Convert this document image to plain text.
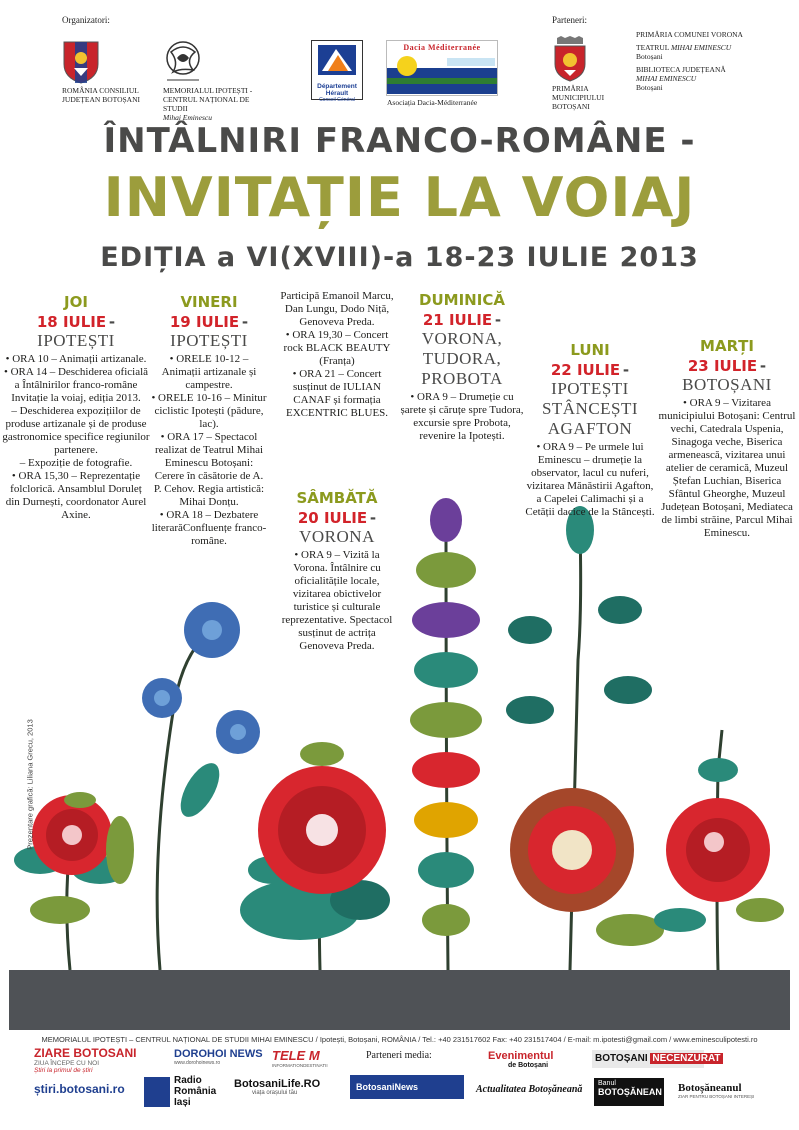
Organizatori:
ROMÂNIA CONSILIUL JUDEȚEAN BOTOȘANI
MEMORIALUL IPOTEȘTI - CENTRUL NAȚIONAL DE STUDII
Mihai Eminescu
Département Hérault
Conseil Général
Dacia Méditerranée
Asociația Dacia-Méditerranée
Parteneri:
PRIMĂRIA MUNICIPIULUI BOTOȘANI
PRIMĂRIA COMUNEI VORONA
TEATRUL MIHAI EMINESCU
Botoșani
BIBLIOTECA JUDEȚEANĂ
MIHAI EMINESCU
Botoșani
ÎNTÂLNIRI FRANCO-ROMÂNE -
INVITAȚIE LA VOIAJ
EDIȚIA a VI(XVIII)-a 18-23 IULIE 2013
JOI
18 IULIE -
IPOTEȘTI
• ORA 10 – Animații artizanale.
• ORA 14 – Deschiderea oficială a Întâlnirilor franco-române Invitație la voiaj, ediția 2013.
– Deschiderea expozițiilor de produse artizanale și de produse gastronomice specifice regiunilor partenere.
– Expoziție de fotografie.
• ORA 15,30 – Reprezentație folclorică. Ansamblul Doruleț din Durnești, coordonator Aurel Axine.
VINERI
19 IULIE -
IPOTEȘTI
• ORELE 10-12 – Animații artizanale și campestre.
• ORELE 10-16 – Minitur ciclistic Ipotești (pădure, lac).
• ORA 17 – Spectacol realizat de Teatrul Mihai Eminescu Botoșani: Cerere în căsătorie de A. P. Cehov. Regia artistică: Mihai Donțu.
• ORA 18 – Dezbatere literarăConfluențe franco-române.
Participă Emanoil Marcu, Dan Lungu, Dodo Niță, Genoveva Preda.
• ORA 19,30 – Concert rock BLACK BEAUTY (Franța)
• ORA 21 – Concert susținut de IULIAN CANAF și formația EXCENTRIC BLUES.
SÂMBĂTĂ
20 IULIE -
VORONA
• ORA 9 – Vizită la Vorona. Întâlnire cu oficialitățile locale, vizitarea obictivelor turistice și culturale reprezentative. Spectacol susținut de actrița Genoveva Preda.
DUMINICĂ
21 IULIE -
VORONA, TUDORA, PROBOTA
• ORA 9 – Drumeție cu șarete și căruțe spre Tudora, excursie spre Probota, revenire la Ipotești.
LUNI
22 IULIE -
IPOTEȘTI STÂNCEȘTI AGAFTON
• ORA 9 – Pe urmele lui Eminescu – drumeție la observator, lacul cu nuferi, vizitarea Mănăstirii Agafton, a Capelei Calimachi și a Cetății dacice de la Stâncești.
MARȚI
23 IULIE -
BOTOȘANI
• ORA 9 – Vizitarea municipiului Botoșani: Centrul vechi, Catedrala Uspenia, Sinagoga veche, Biserica armenească, vizitarea unui atelier de ceramică, Muzeul Ștefan Luchian, Biserica Sfântul Gheorghe, Muzeul Județean Botoșani, Mediateca de limbi străine, Parcul Mihai Eminescu.
Prezentare grafică: Liliana Grecu, 2013
MEMORIALUL IPOTEȘTI – CENTRUL NAȚIONAL DE STUDII MIHAI EMINESCU / Ipotești, Botoșani, ROMÂNIA / Tel.: +40 231517602 Fax: +40 231517404 / E-mail: m.ipotesti@gmail.com / www.eminesculipotesti.ro
ZIARE BOTOSANI
ZIUA ÎNCEPE CU NOI
Știri la primul de știri
știri.botosani.ro
DOROHOI NEWS
www.dorohoinews.ro
Radio
România
Iași
TELE M
INFORMATIONDESTINATII
BotosaniLife.RO
viața orașului tău
Parteneri media:
BotosaniNews
Evenimentul
de Botoșani
Actualitatea Botoșăneană
BOTOȘANI NECENZURAT
Banul
BOTOȘĂNEAN Botoșăneanul
ZIAR PENTRU BOTOȘANI INTEREȘI
